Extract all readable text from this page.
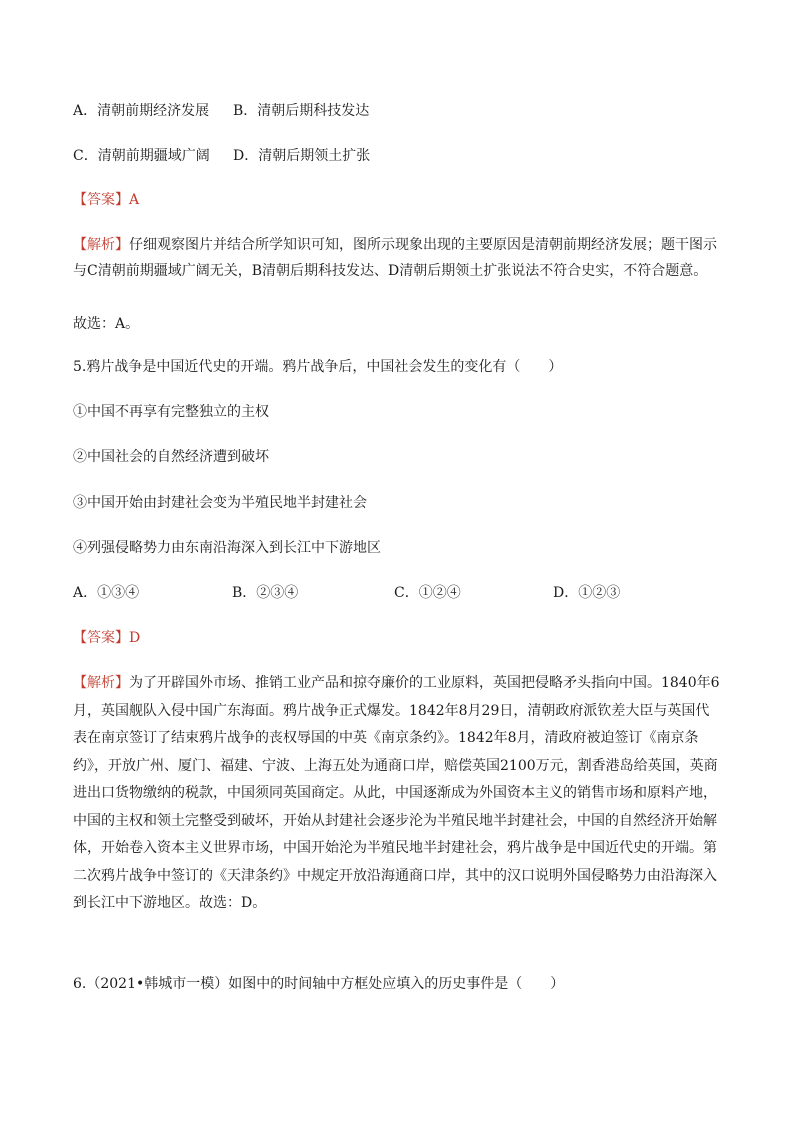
A．清朝前期经济发展 B．清朝后期科技发达
C．清朝前期疆域广阔 D．清朝后期领土扩张
【答案】A
【解析】仔细观察图片并结合所学知识可知，图所示现象出现的主要原因是清朝前期经济发展；题干图示与C清朝前期疆域广阔无关，B清朝后期科技发达、D清朝后期领土扩张说法不符合史实，不符合题意。
故选：A。
5.鸦片战争是中国近代史的开端。鸦片战争后，中国社会发生的变化有（　　）
①中国不再享有完整独立的主权
②中国社会的自然经济遭到破坏
③中国开始由封建社会变为半殖民地半封建社会
④列强侵略势力由东南沿海深入到长江中下游地区
A．①③④	B．②③④	C．①②④	D．①②③
【答案】D
【解析】为了开辟国外市场、推销工业产品和掠夺廉价的工业原料，英国把侵略矛头指向中国。1840年6月，英国舰队入侵中国广东海面。鸦片战争正式爆发。1842年8月29日，清朝政府派钦差大臣与英国代表在南京签订了结束鸦片战争的丧权辱国的中英《南京条约》。1842年8月，清政府被迫签订《南京条约》，开放广州、厦门、福建、宁波、上海五处为通商口岸，赔偿英国2100万元，割香港岛给英国，英商进出口货物缴纳的税款，中国须同英国商定。从此，中国逐渐成为外国资本主义的销售市场和原料产地，中国的主权和领土完整受到破坏，开始从封建社会逐步沦为半殖民地半封建社会，中国的自然经济开始解体，开始卷入资本主义世界市场，中国开始沦为半殖民地半封建社会，鸦片战争是中国近代史的开端。第二次鸦片战争中签订的《天津条约》中规定开放沿海通商口岸，其中的汉口说明外国侵略势力由沿海深入到长江中下游地区。故选：D。
6.（2021•韩城市一模）如图中的时间轴中方框处应填入的历史事件是（　　）
